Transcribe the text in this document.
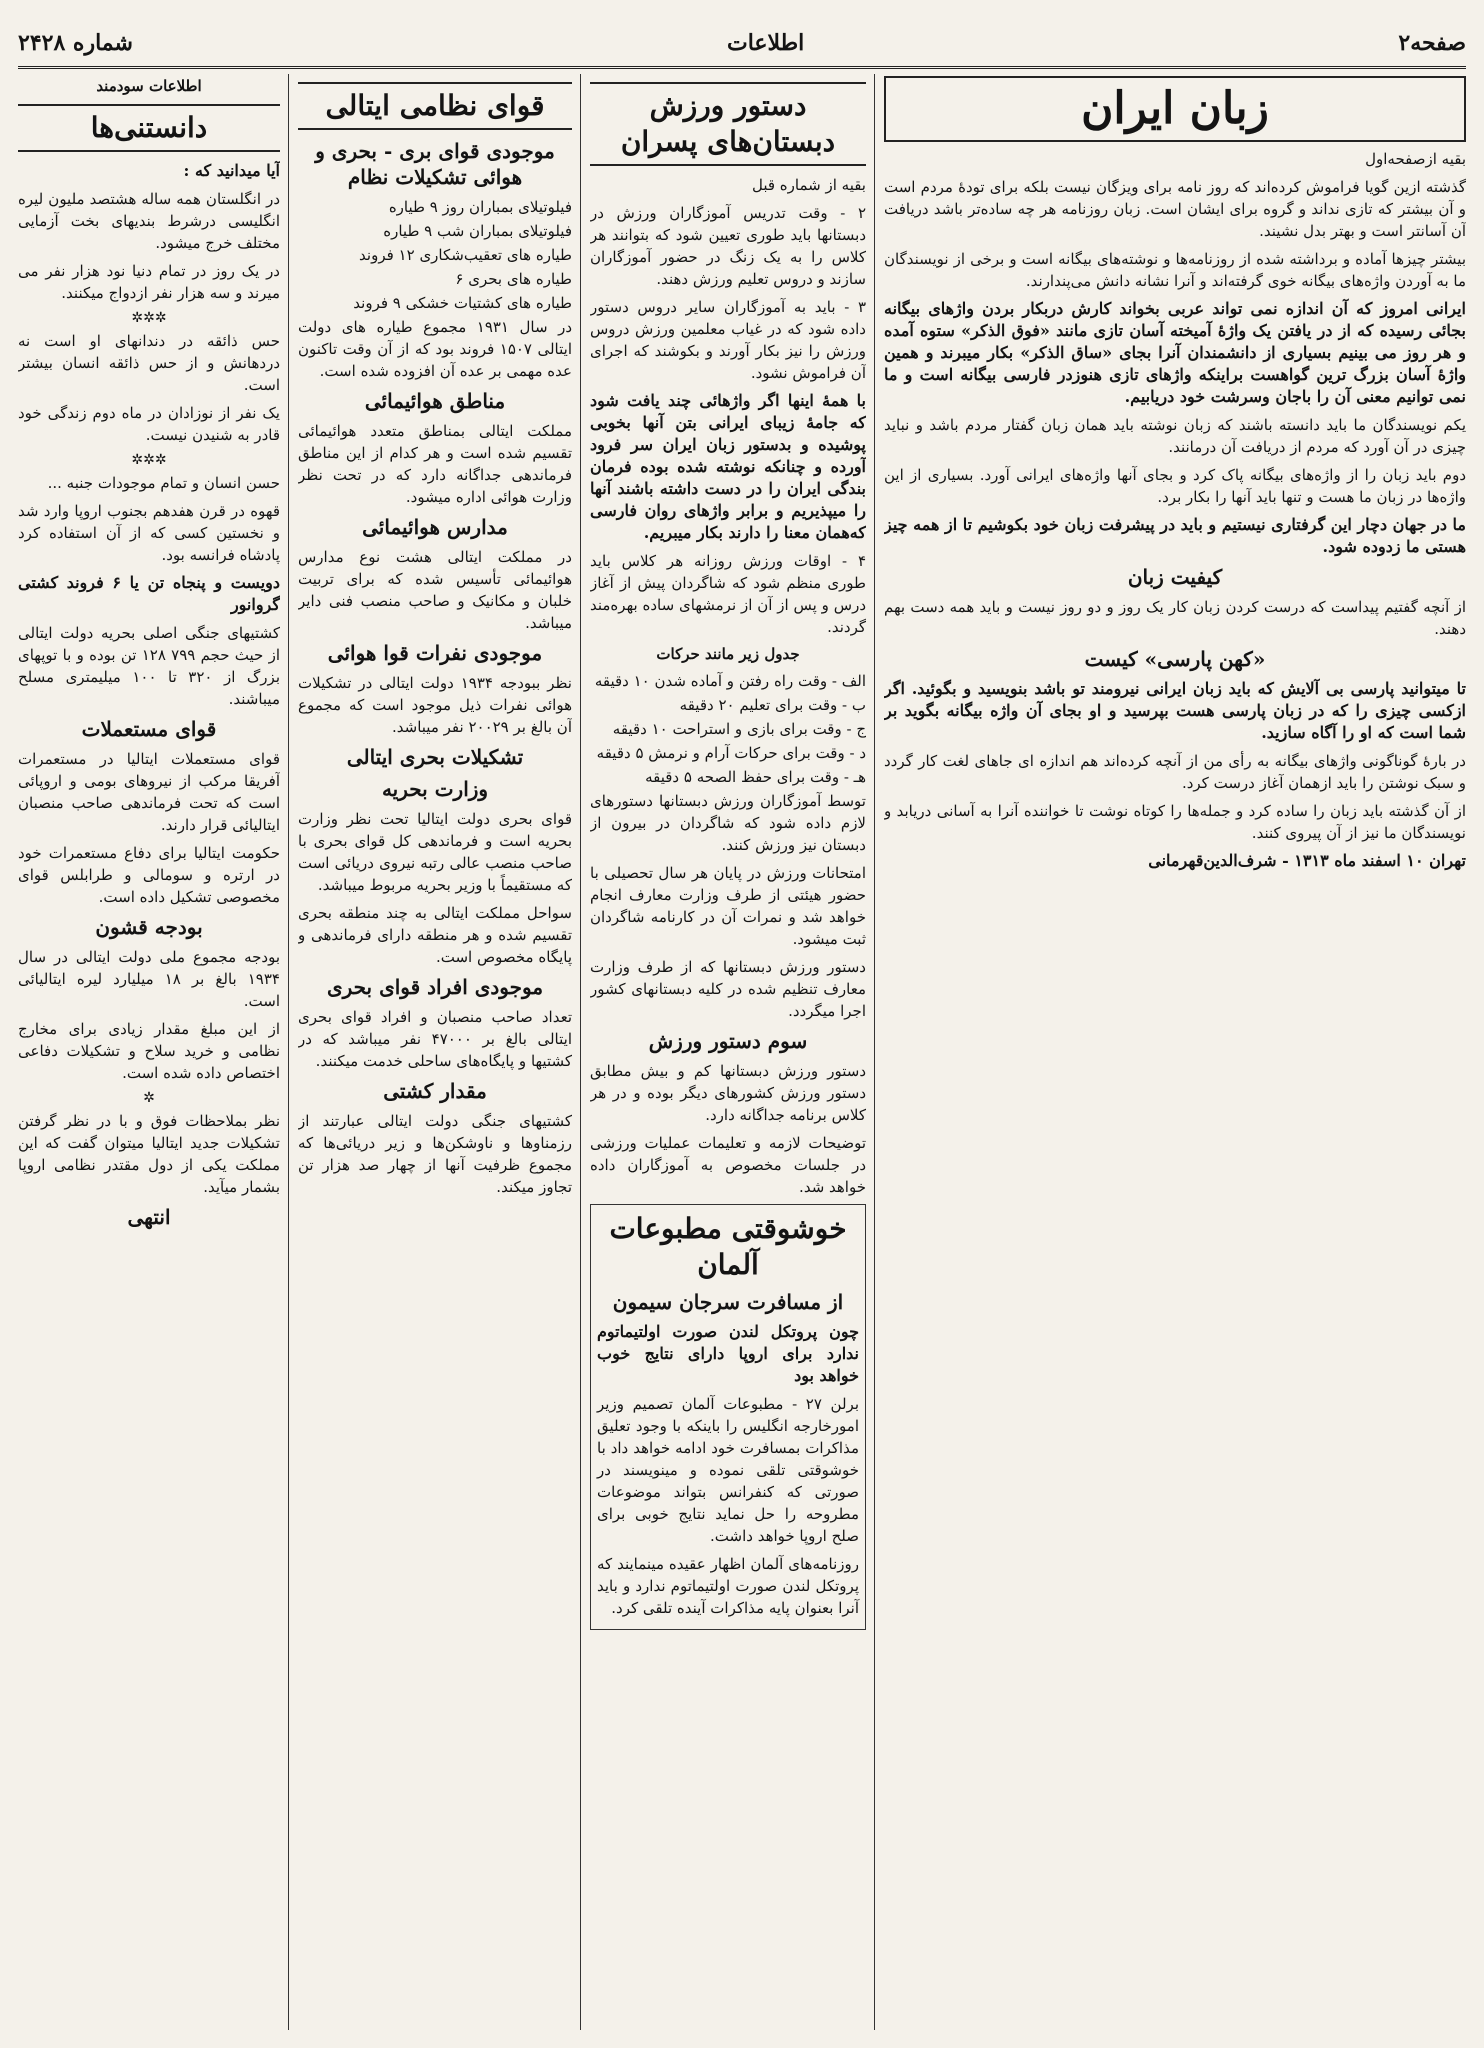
صفحه۲
اطلاعات
شماره ۲۴۲۸
زبان ایران

بقیه ازصفحه‌اول

گذشته ازین گویا فراموش کرده‌اند که روز نامه برای ویزگان نیست بلکه برای تودهٔ مردم است و آن بیشتر که تازی نداند و گروه برای ایشان است. زبان روزنامه هر چه ساده‌تر باشد دریافت آن آسانتر است و بهتر بدل نشیند.

بیشتر چیزها آماده و برداشته شده از روزنامه‌ها و نوشته‌های بیگانه است و برخی از نویسندگان ما به آوردن واژه‌های بیگانه خوی گرفته‌اند و آنرا نشانه دانش می‌پندارند.

ایرانی امروز که آن اندازه نمی تواند عربی بخواند کارش دربکار بردن واژهای بیگانه بجائی رسیده که از در یافتن یک واژهٔ آمیخته آسان تازی مانند «فوق الذکر» ستوه آمده و هر روز می بینیم بسیاری از دانشمندان آنرا بجای «ساق الذکر» بکار میبرند و همین واژهٔ آسان بزرگ ترین گواهست براینکه واژهای تازی هنوزدر فارسی بیگانه است و ما نمی توانیم معنی آن را باجان وسرشت خود دریابیم.

یکم نویسندگان ما باید دانسته باشند که زبان نوشته باید همان زبان گفتار مردم باشد و نباید چیزی در آن آورد که مردم از دریافت آن درمانند.

دوم باید زبان را از واژه‌های بیگانه پاک کرد و بجای آنها واژه‌های ایرانی آورد. بسیاری از این واژه‌ها در زبان ما هست و تنها باید آنها را بکار برد.

ما در جهان دچار این گرفتاری نیستیم و باید در پیشرفت زبان خود بکوشیم تا از همه چیز هستی ما زدوده شود.

کیفیت زبان

از آنچه گفتیم پیداست که درست کردن زبان کار یک روز و دو روز نیست و باید همه دست بهم دهند.

«کهن پارسی» کیست

تا میتوانید پارسی بی آلایش که باید زبان ایرانی نیرومند تو باشد بنویسید و بگوئید. اگر ازکسی چیزی را که در زبان پارسی هست بپرسید و او بجای آن واژه بیگانه بگوید بر شما است که او را آگاه سازید.

در بارهٔ گوناگونی واژهای بیگانه به رأی من از آنچه کرده‌اند هم اندازه ای جاهای لغت کار گردد و سبک نوشتن را باید ازهمان آغاز درست کرد.

از آن گذشته باید زبان را ساده کرد و جمله‌ها را کوتاه نوشت تا خواننده آنرا به آسانی دریابد و نویسندگان ما نیز از آن پیروی کنند.

تهران ۱۰ اسفند ماه ۱۳۱۳ - شرف‌الدین‌قهرمانی

دستور ورزش دبستان‌های پسران

بقیه از شماره قبل

۲ - وقت تدریس آموزگاران ورزش در دبستانها باید طوری تعیین شود که بتوانند هر کلاس را به یک زنگ در حضور آموزگاران سازند و دروس تعلیم ورزش دهند.

۳ - باید به آموزگاران سایر دروس دستور داده شود که در غیاب معلمین ورزش دروس ورزش را نیز بکار آورند و بکوشند که اجرای آن فراموش نشود.

با همهٔ اینها اگر واژهائی چند یافت شود که جامهٔ زیبای ایرانی بتن آنها بخوبی پوشیده و بدستور زبان ایران سر فرود آورده و چنانکه نوشته شده بوده فرمان بندگی ایران را در دست داشته باشند آنها را میپذیریم و برابر واژهای روان فارسی که‌همان معنا را دارند بکار میبریم.

۴ - اوقات ورزش روزانه هر کلاس باید طوری منظم شود که شاگردان پیش از آغاز درس و پس از آن از نرمشهای ساده بهره‌مند گردند.

جدول زیر مانند حرکات

الف - وقت راه رفتن و آماده شدن ۱۰ دقیقه

ب - وقت برای تعلیم ۲۰ دقیقه

ج - وقت برای بازی و استراحت ۱۰ دقیقه

د - وقت برای حرکات آرام و نرمش ۵ دقیقه

هـ - وقت برای حفظ الصحه ۵ دقیقه

توسط آموزگاران ورزش دبستانها دستورهای لازم داده شود که شاگردان در بیرون از دبستان نیز ورزش کنند.

امتحانات ورزش در پایان هر سال تحصیلی با حضور هیئتی از طرف وزارت معارف انجام خواهد شد و نمرات آن در کارنامه شاگردان ثبت میشود.

دستور ورزش دبستانها که از طرف وزارت معارف تنظیم شده در کلیه دبستانهای کشور اجرا میگردد.

سوم دستور ورزش

دستور ورزش دبستانها کم و بیش مطابق دستور ورزش کشورهای دیگر بوده و در هر کلاس برنامه جداگانه دارد.

توضیحات لازمه و تعلیمات عملیات ورزشی در جلسات مخصوص به آموزگاران داده خواهد شد.

خوشوقتی مطبوعات آلمان
از مسافرت سرجان سیمون

چون پروتکل لندن صورت اولتیماتوم ندارد برای اروپا دارای نتایج خوب خواهد بود

برلن ۲۷ - مطبوعات آلمان تصمیم وزیر امورخارجه انگلیس را باینکه با وجود تعلیق مذاکرات بمسافرت خود ادامه خواهد داد با خوشوقتی تلقی نموده و مینویسند در صورتی که کنفرانس بتواند موضوعات مطروحه را حل نماید نتایج خوبی برای صلح اروپا خواهد داشت.

روزنامه‌های آلمان اظهار عقیده مینمایند که پروتکل لندن صورت اولتیماتوم ندارد و باید آنرا بعنوان پایه مذاکرات آینده تلقی کرد.

قوای نظامی ایتالی
موجودی قوای بری - بحری و هوائی تشکیلات نظام

فیلوتیلای بمباران روز ۹ طیاره

فیلوتیلای بمباران شب ۹ طیاره

طیاره های تعقیب‌شکاری ۱۲ فروند

طیاره های بحری ۶

طیاره های کشتیات خشکی ۹ فروند

در سال ۱۹۳۱ مجموع طیاره های دولت ایتالی ۱۵۰۷ فروند بود که از آن وقت تاکنون عده مهمی بر عده آن افزوده شده است.

مناطق هوائیمائی

مملکت ایتالی بمناطق متعدد هوائیمائی تقسیم شده است و هر کدام از این مناطق فرماندهی جداگانه دارد که در تحت نظر وزارت هوائی اداره میشود.

مدارس هوائیمائی

در مملکت ایتالی هشت نوع مدارس هوائیمائی تأسیس شده که برای تربیت خلبان و مکانیک و صاحب منصب فنی دایر میباشد.

موجودی نفرات قوا هوائی

نظر ببودجه ۱۹۳۴ دولت ایتالی در تشکیلات هوائی نفرات ذیل موجود است که مجموع آن بالغ بر ۲۰۰۲۹ نفر میباشد.

تشکیلات بحری ایتالی
وزارت بحریه

قوای بحری دولت ایتالیا تحت نظر وزارت بحریه است و فرماندهی کل قوای بحری با صاحب منصب عالی رتبه نیروی دریائی است که مستقیماً با وزیر بحریه مربوط میباشد.

سواحل مملکت ایتالی به چند منطقه بحری تقسیم شده و هر منطقه دارای فرماندهی و پایگاه مخصوص است.

موجودی افراد قوای بحری

تعداد صاحب منصبان و افراد قوای بحری ایتالی بالغ بر ۴۷۰۰۰ نفر میباشد که در کشتیها و پایگاه‌های ساحلی خدمت میکنند.

مقدار کشتی

کشتیهای جنگی دولت ایتالی عبارتند از رزمناوها و ناوشکن‌ها و زیر دریائی‌ها که مجموع ظرفیت آنها از چهار صد هزار تن تجاوز میکند.

اطلاعات سودمند
دانستنی‌ها

آیا میدانید که :

در انگلستان همه ساله هشتصد ملیون لیره انگلیسی درشرط بندیهای بخت آزمایی مختلف خرج میشود.

در یک روز در تمام دنیا نود هزار نفر می میرند و سه هزار نفر ازدواج میکنند.

✲✲✲

حس ذائقه در دندانهای او است نه دردهانش و از حس ذائقه انسان بیشتر است.

یک نفر از نوزادان در ماه دوم زندگی خود قادر به شنیدن نیست.

✲✲✲

حسن انسان و تمام موجودات جنبه ...

قهوه در قرن هفدهم بجنوب اروپا وارد شد و نخستین کسی که از آن استفاده کرد پادشاه فرانسه بود.

دویست و پنجاه تن یا ۶ فروند کشتی گروانور

کشتیهای جنگی اصلی بحریه دولت ایتالی از حیث حجم ۷۹۹ ۱۲۸ تن بوده و با توپهای بزرگ از ۳۲۰ تا ۱۰۰ میلیمتری مسلح میباشند.

قوای مستعملات

قوای مستعملات ایتالیا در مستعمرات آفریقا مرکب از نیروهای بومی و اروپائی است که تحت فرماندهی صاحب منصبان ایتالیائی قرار دارند.

حکومت ایتالیا برای دفاع مستعمرات خود در ارتره و سومالی و طرابلس قوای مخصوصی تشکیل داده است.

بودجه قشون

بودجه مجموع ملی دولت ایتالی در سال ۱۹۳۴ بالغ بر ۱۸ میلیارد لیره ایتالیائی است.

از این مبلغ مقدار زیادی برای مخارج نظامی و خرید سلاح و تشکیلات دفاعی اختصاص داده شده است.

✲

نظر بملاحظات فوق و با در نظر گرفتن تشکیلات جدید ایتالیا میتوان گفت که این مملکت یکی از دول مقتدر نظامی اروپا بشمار میآید.

انتهی
